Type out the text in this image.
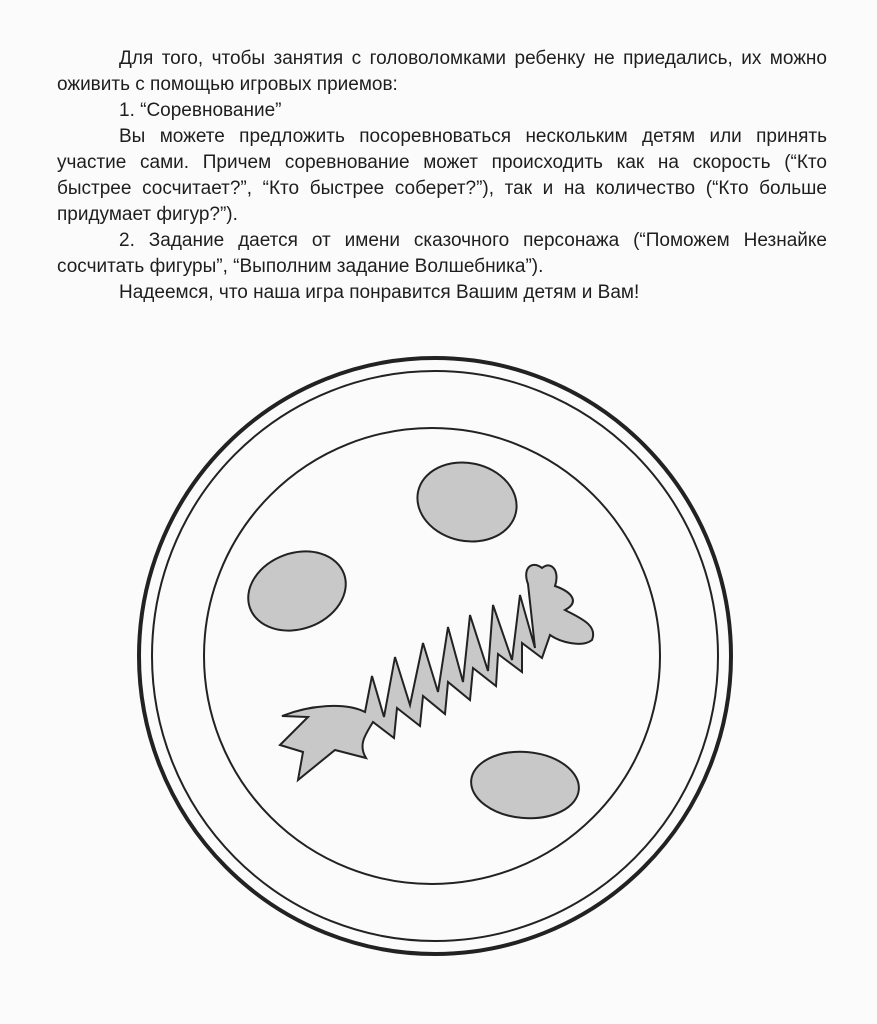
Для того, чтобы занятия с головоломками ребенку не приедались, их можно оживить с помощью игровых приемов:

1. “Соревнование”

Вы можете предложить посоревноваться нескольким детям или принять участие сами. Причем соревнование может происходить как на скорость (“Кто быстрее сосчитает?”, “Кто быстрее соберет?”), так и на количество (“Кто больше придумает фигур?”).

2. Задание дается от имени сказочного персонажа (“Поможем Незнайке сосчитать фигуры”, “Выполним задание Волшебника”).

Надеемся, что наша игра понравится Вашим детям и Вам!
